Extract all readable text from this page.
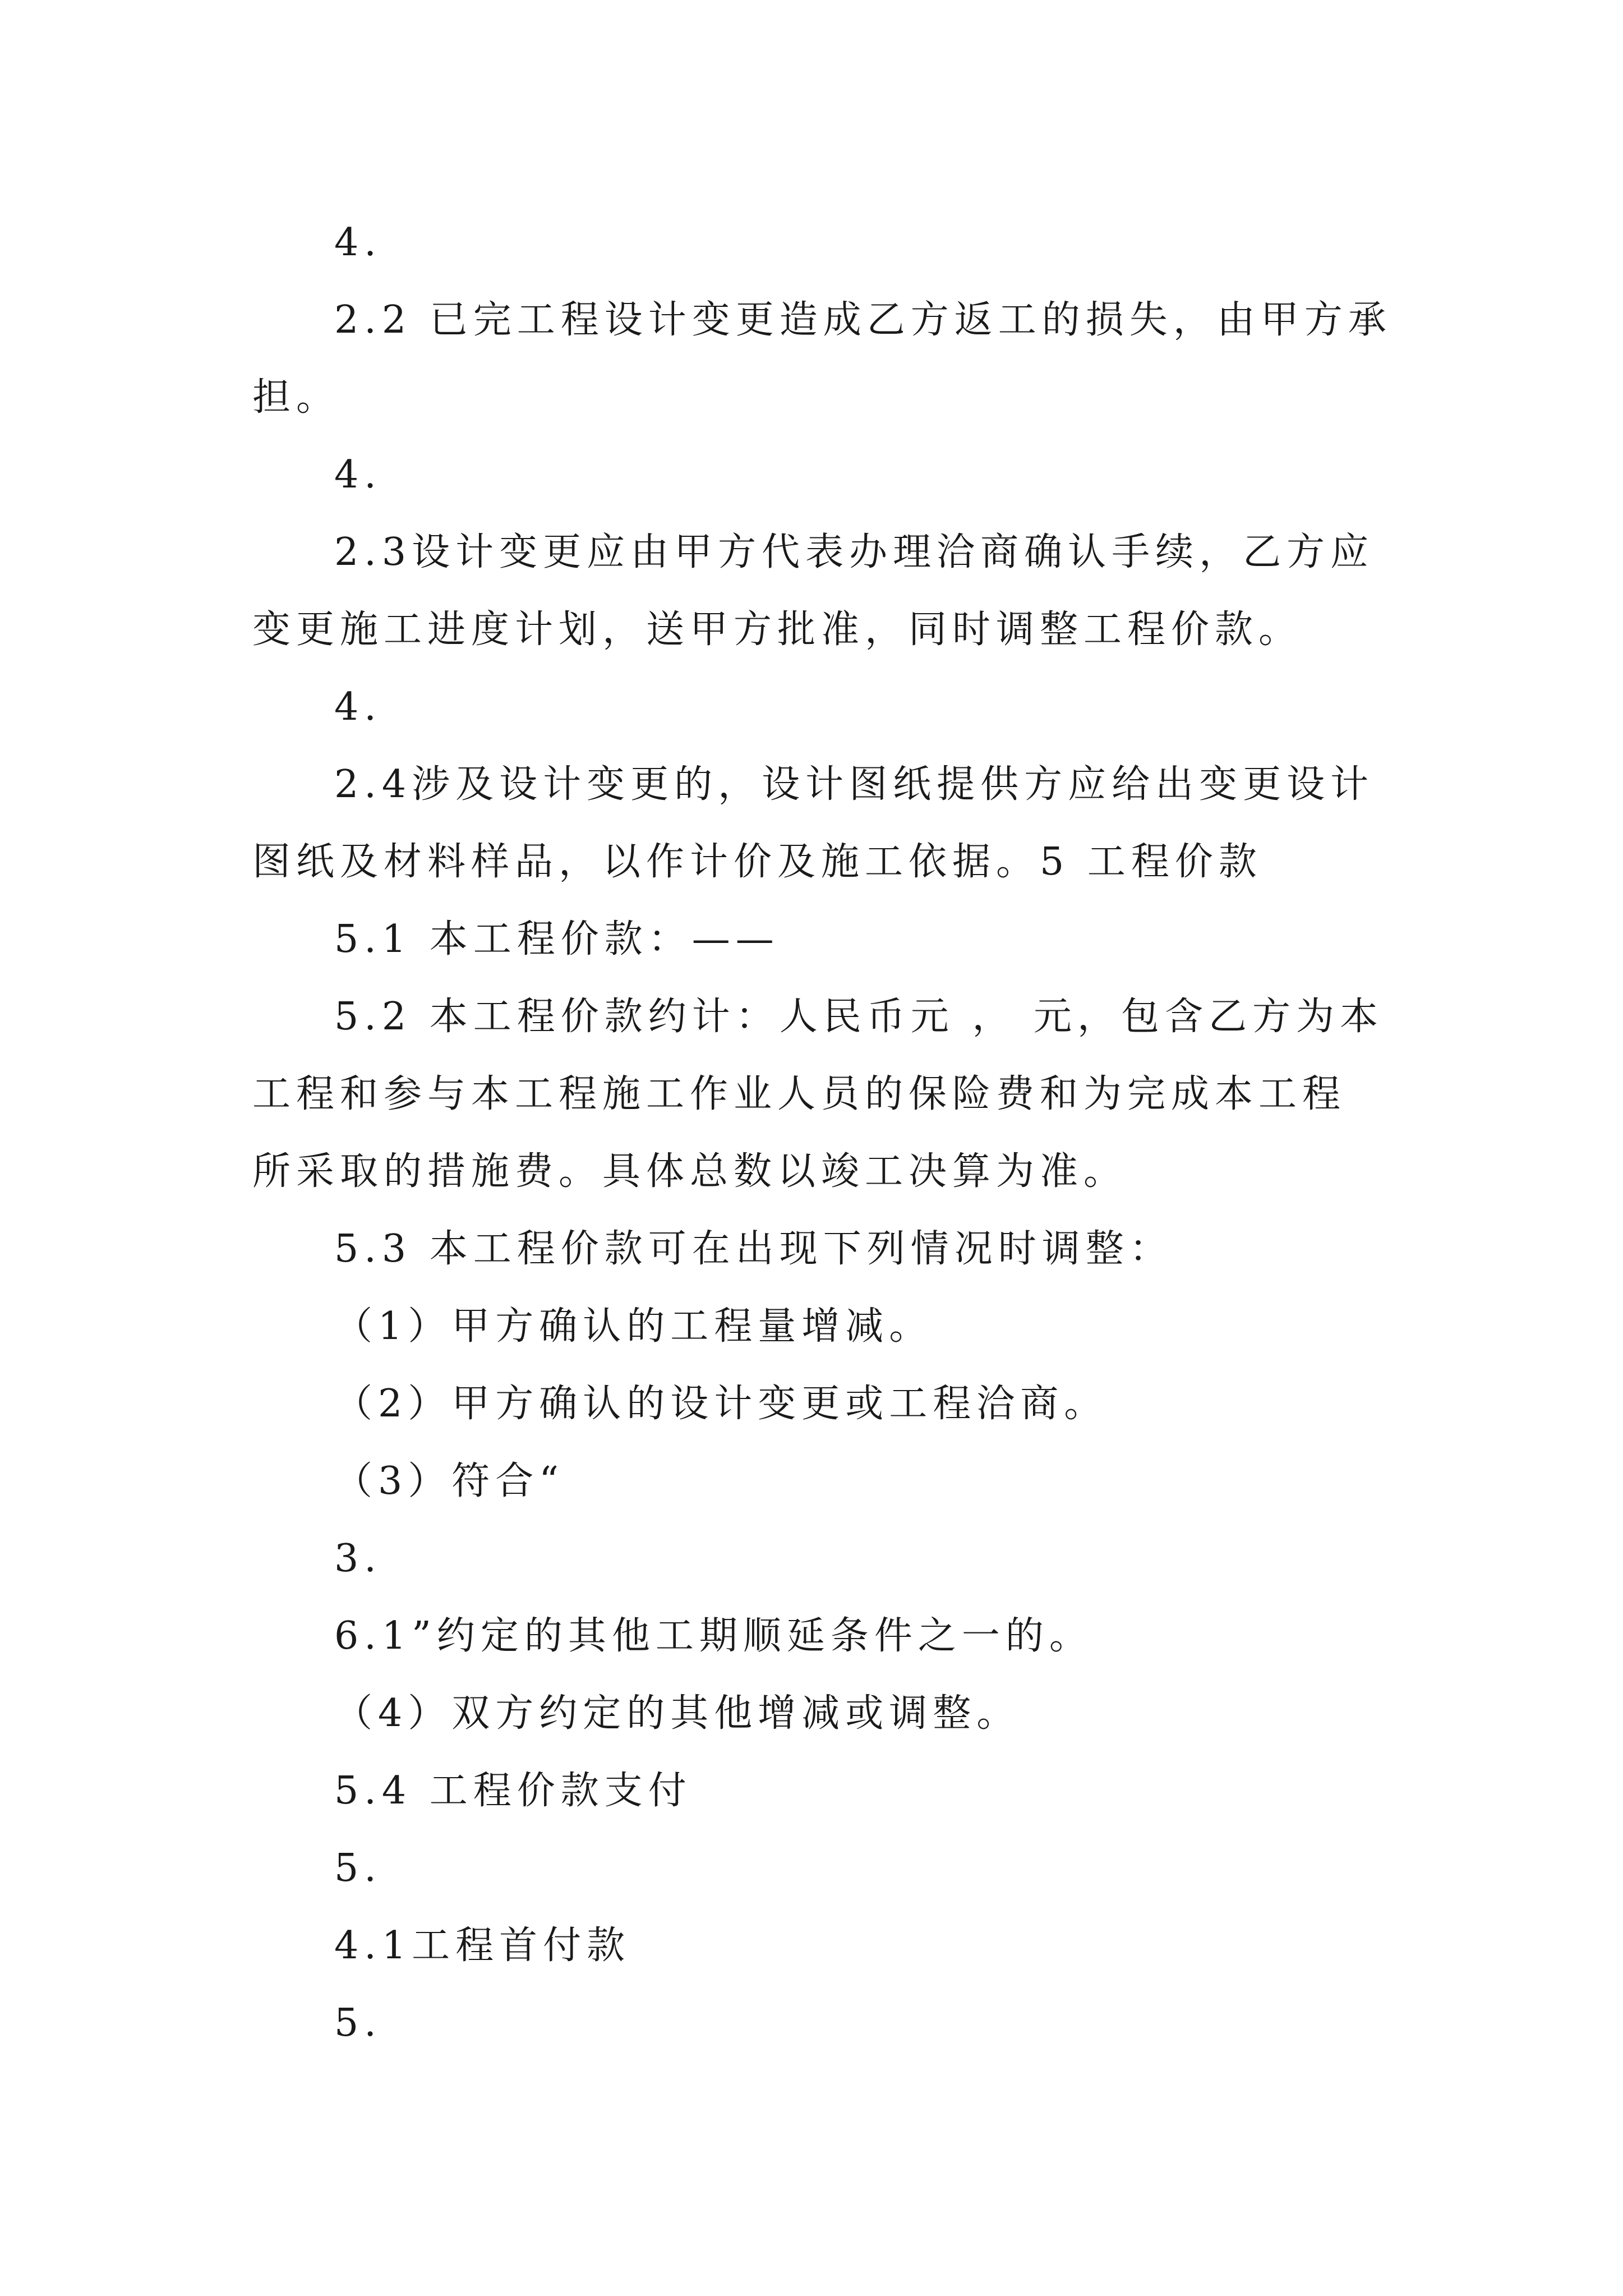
4.
2.2 已完工程设计变更造成乙方返工的损失，由甲方承
担。
4.
2.3设计变更应由甲方代表办理洽商确认手续，乙方应
变更施工进度计划，送甲方批准，同时调整工程价款。
4.
2.4涉及设计变更的，设计图纸提供方应给出变更设计
图纸及材料样品，以作计价及施工依据。5 工程价款
5.1 本工程价款：——
5.2 本工程价款约计：人民币元 ， 元，包含乙方为本
工程和参与本工程施工作业人员的保险费和为完成本工程
所采取的措施费。具体总数以竣工决算为准。
5.3 本工程价款可在出现下列情况时调整：
（1）甲方确认的工程量增减。
（2）甲方确认的设计变更或工程洽商。
（3）符合“
3.
6.1”约定的其他工期顺延条件之一的。
（4）双方约定的其他增减或调整。
5.4 工程价款支付
5.
4.1工程首付款
5.
